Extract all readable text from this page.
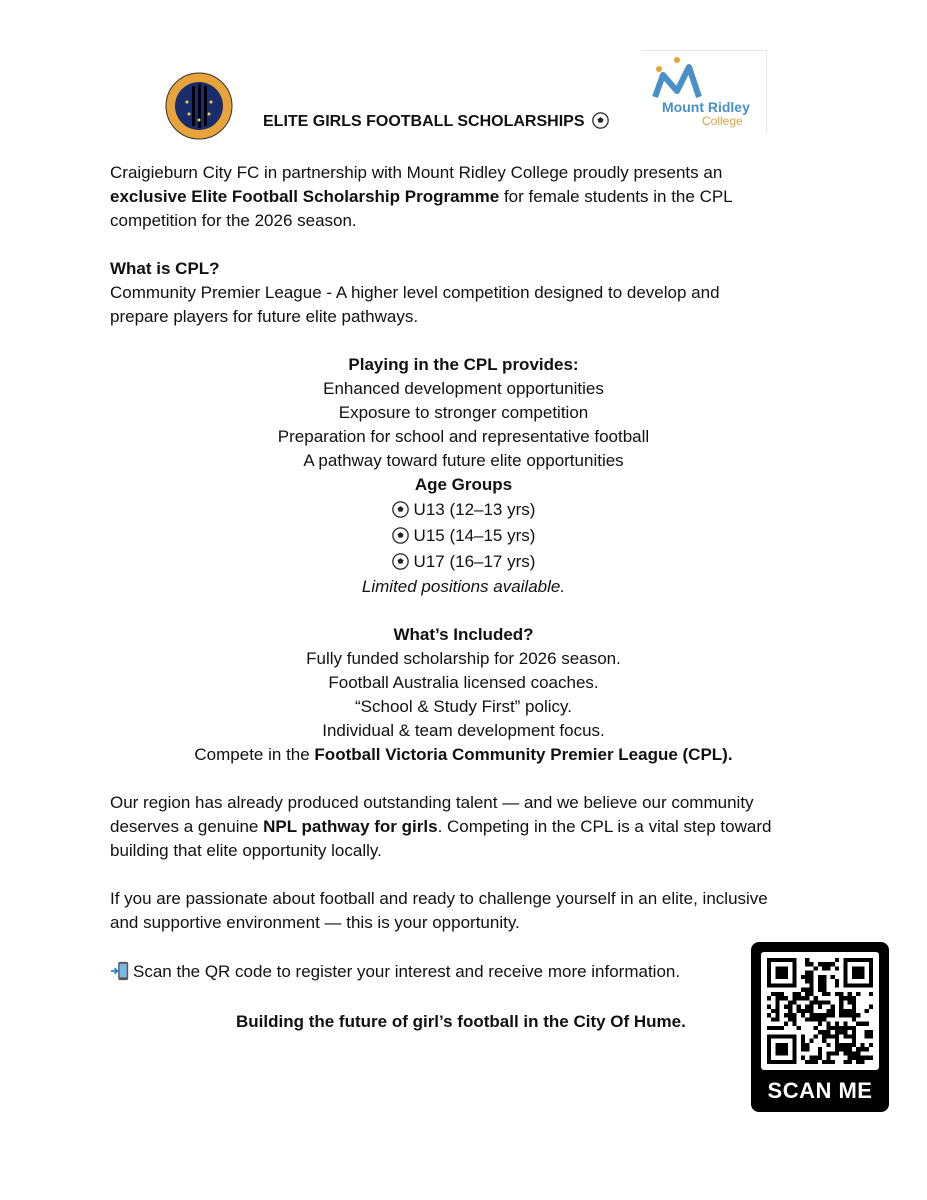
ELITE GIRLS FOOTBALL SCHOLARSHIPS
Mount Ridley
College
Craigieburn City FC in partnership with Mount Ridley College proudly presents an
exclusive Elite Football Scholarship Programme for female students in the CPL
competition for the 2026 season.
What is CPL?
Community Premier League - A higher level competition designed to develop and
prepare players for future elite pathways.
Playing in the CPL provides:
Enhanced development opportunities
Exposure to stronger competition
Preparation for school and representative football
A pathway toward future elite opportunities
Age Groups
U13 (12–13 yrs)
U15 (14–15 yrs)
U17 (16–17 yrs)
Limited positions available.
What’s Included?
Fully funded scholarship for 2026 season.
Football Australia licensed coaches.
“School & Study First” policy.
Individual & team development focus.
Compete in the Football Victoria Community Premier League (CPL).
Our region has already produced outstanding talent — and we believe our community
deserves a genuine NPL pathway for girls. Competing in the CPL is a vital step toward
building that elite opportunity locally.
If you are passionate about football and ready to challenge yourself in an elite, inclusive
and supportive environment — this is your opportunity.
Scan the QR code to register your interest and receive more information.
Building the future of girl’s football in the City Of Hume.
SCAN ME
